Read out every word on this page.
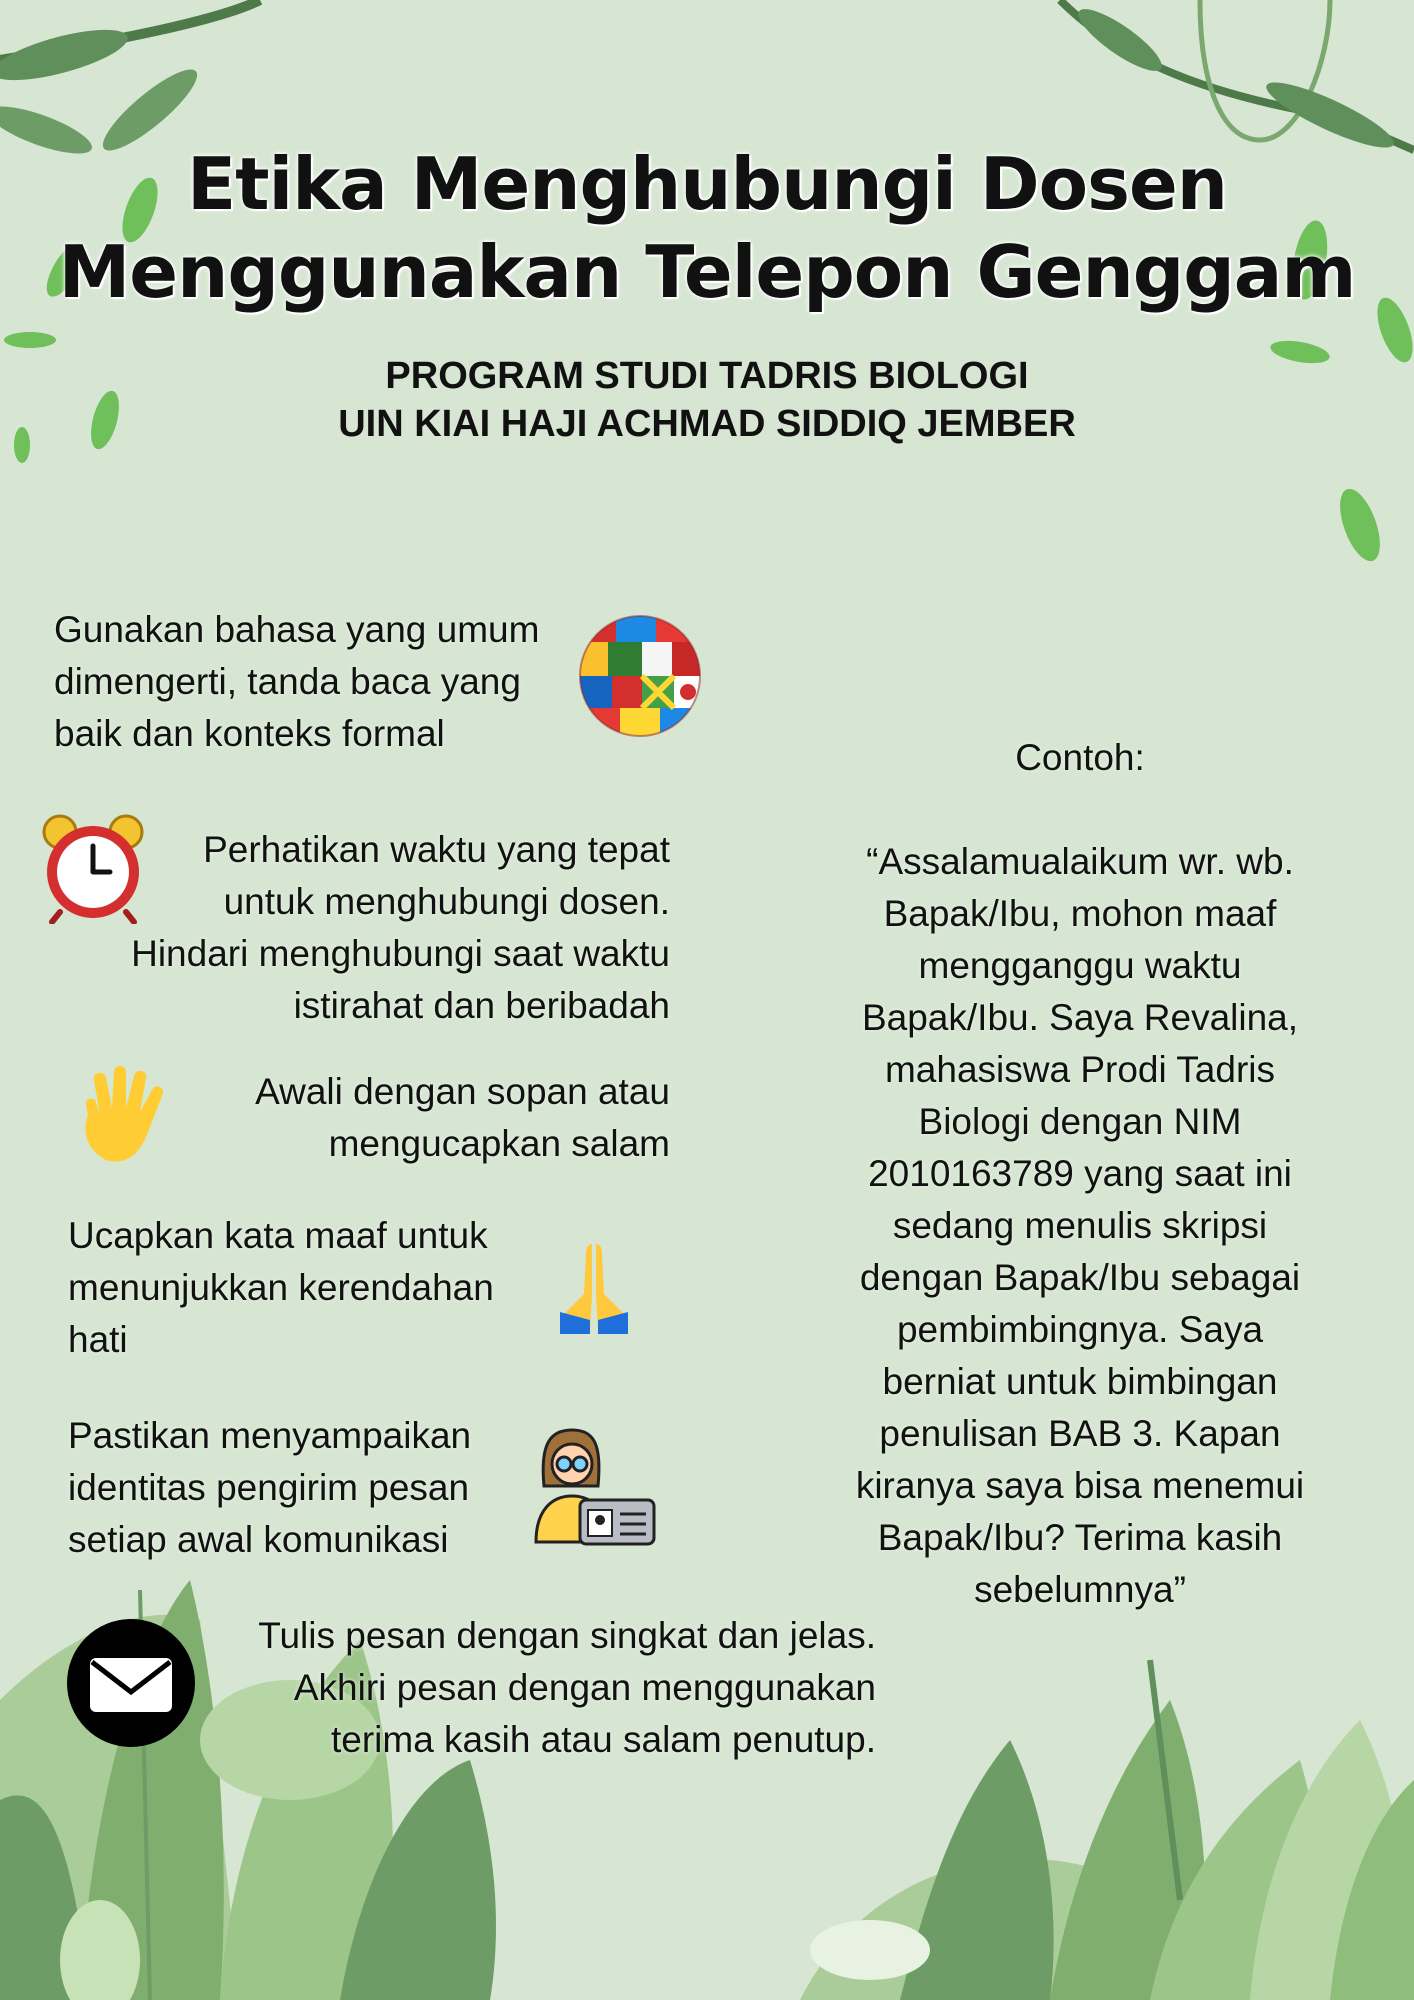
Etika Menghubungi Dosen
Menggunakan Telepon Genggam
PROGRAM STUDI TADRIS BIOLOGI
UIN KIAI HAJI ACHMAD SIDDIQ JEMBER
Gunakan bahasa yang umum
dimengerti, tanda baca yang
baik dan konteks formal
Perhatikan waktu yang tepat
untuk menghubungi dosen.
Hindari menghubungi saat waktu
istirahat dan beribadah
Awali dengan sopan atau
mengucapkan salam
Ucapkan kata maaf untuk
menunjukkan kerendahan
hati
Pastikan menyampaikan
identitas pengirim pesan
setiap awal komunikasi
Tulis pesan dengan singkat dan jelas.
Akhiri pesan dengan menggunakan
terima kasih atau salam penutup.

Contoh:

“Assalamualaikum wr. wb.
Bapak/Ibu, mohon maaf
mengganggu waktu
Bapak/Ibu. Saya Revalina,
mahasiswa Prodi Tadris
Biologi dengan NIM
2010163789 yang saat ini
sedang menulis skripsi
dengan Bapak/Ibu sebagai
pembimbingnya. Saya
berniat untuk bimbingan
penulisan BAB 3. Kapan
kiranya saya bisa menemui
Bapak/Ibu? Terima kasih
sebelumnya”
